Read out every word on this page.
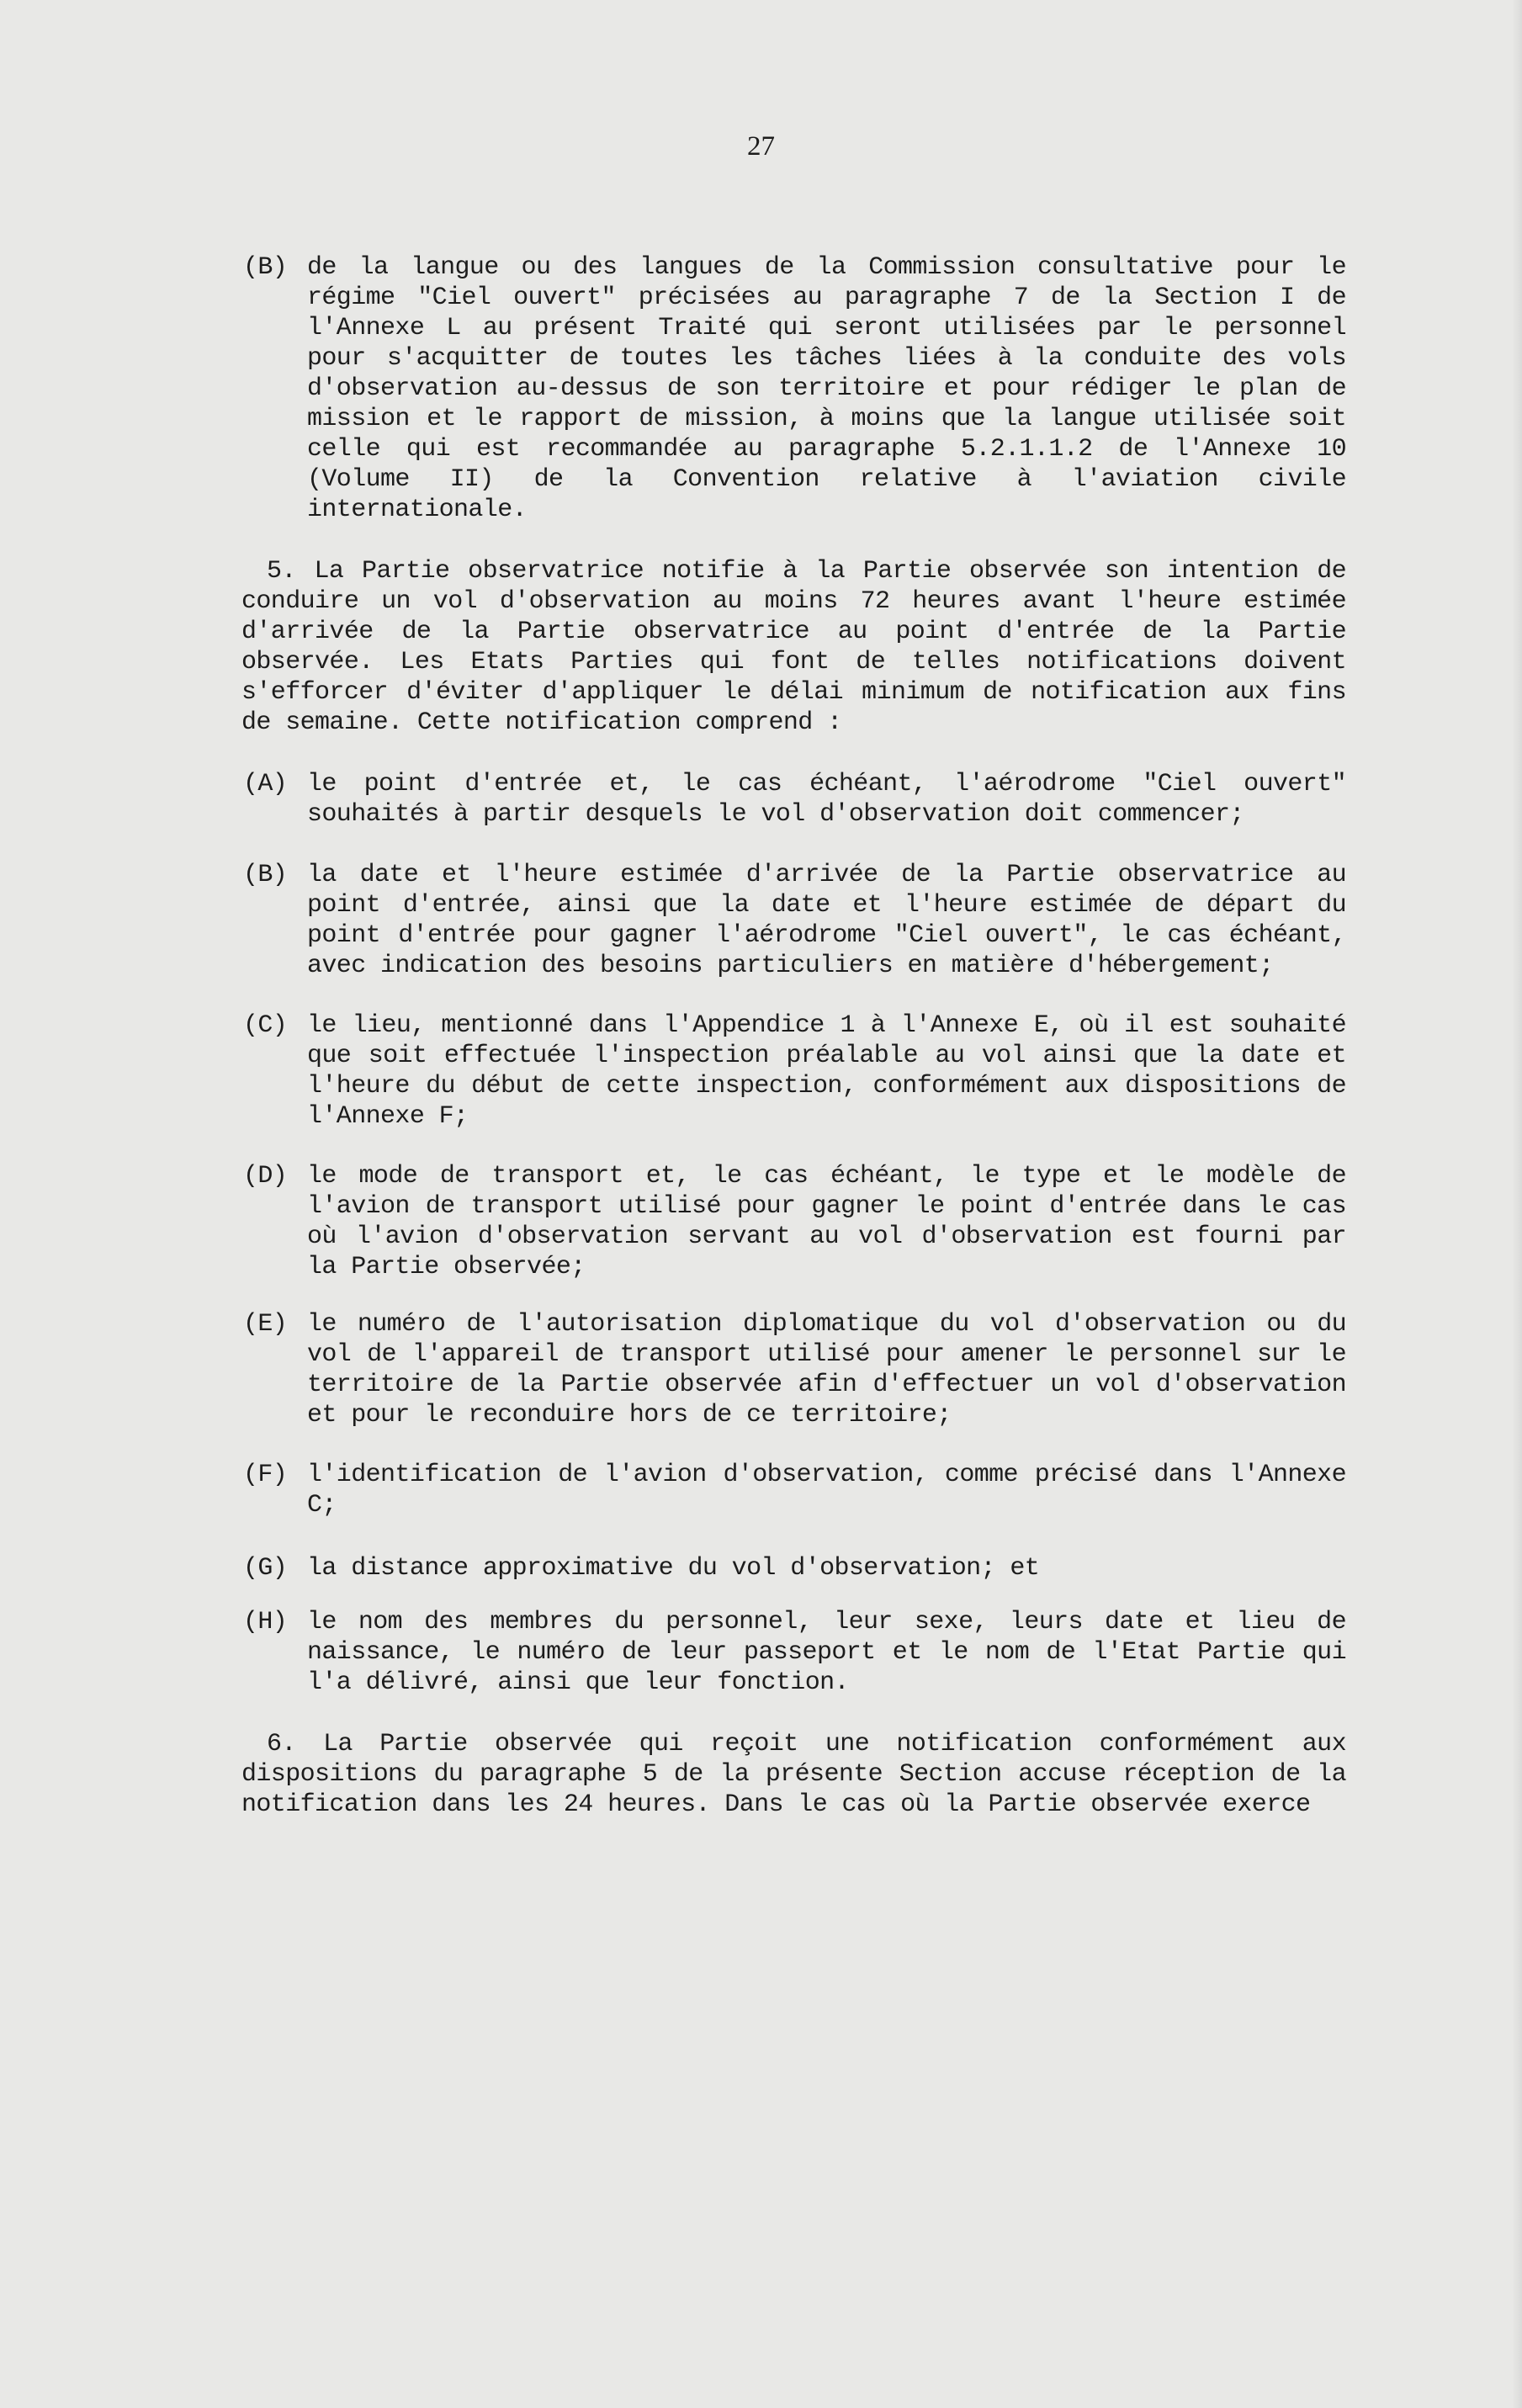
27
(B) de la langue ou des langues de la Commission consultative pour le régime "Ciel ouvert" précisées au paragraphe 7 de la Section I de l'Annexe L au présent Traité qui seront utilisées par le personnel pour s'acquitter de toutes les tâches liées à la conduite des vols d'observation au-dessus de son territoire et pour rédiger le plan de mission et le rapport de mission, à moins que la langue utilisée soit celle qui est recommandée au paragraphe 5.2.1.1.2 de l'Annexe 10 (Volume II) de la Convention relative à l'aviation civile internationale.
5. La Partie observatrice notifie à la Partie observée son intention de conduire un vol d'observation au moins 72 heures avant l'heure estimée d'arrivée de la Partie observatrice au point d'entrée de la Partie observée. Les Etats Parties qui font de telles notifications doivent s'efforcer d'éviter d'appliquer le délai minimum de notification aux fins de semaine. Cette notification comprend :
(A) le point d'entrée et, le cas échéant, l'aérodrome "Ciel ouvert" souhaités à partir desquels le vol d'observation doit commencer;
(B) la date et l'heure estimée d'arrivée de la Partie observatrice au point d'entrée, ainsi que la date et l'heure estimée de départ du point d'entrée pour gagner l'aérodrome "Ciel ouvert", le cas échéant, avec indication des besoins particuliers en matière d'hébergement;
(C) le lieu, mentionné dans l'Appendice 1 à l'Annexe E, où il est souhaité que soit effectuée l'inspection préalable au vol ainsi que la date et l'heure du début de cette inspection, conformément aux dispositions de l'Annexe F;
(D) le mode de transport et, le cas échéant, le type et le modèle de l'avion de transport utilisé pour gagner le point d'entrée dans le cas où l'avion d'observation servant au vol d'observation est fourni par la Partie observée;
(E) le numéro de l'autorisation diplomatique du vol d'observation ou du vol de l'appareil de transport utilisé pour amener le personnel sur le territoire de la Partie observée afin d'effectuer un vol d'observation et pour le reconduire hors de ce territoire;
(F) l'identification de l'avion d'observation, comme précisé dans l'Annexe C;
(G) la distance approximative du vol d'observation; et
(H) le nom des membres du personnel, leur sexe, leurs date et lieu de naissance, le numéro de leur passeport et le nom de l'Etat Partie qui l'a délivré, ainsi que leur fonction.
6. La Partie observée qui reçoit une notification conformément aux dispositions du paragraphe 5 de la présente Section accuse réception de la notification dans les 24 heures. Dans le cas où la Partie observée exerce
